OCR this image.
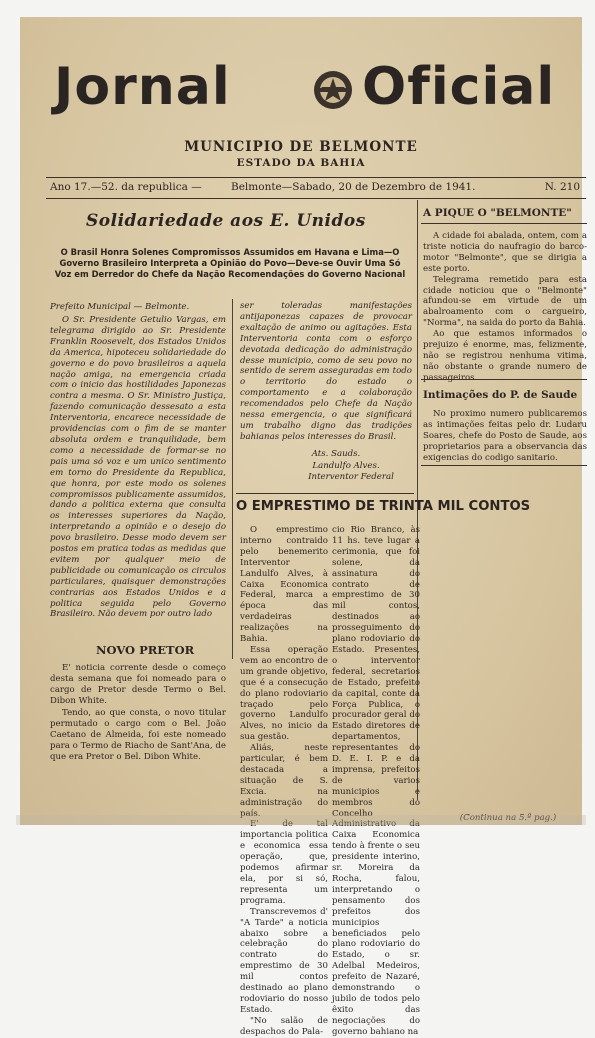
Jornal	Oficial
MUNICIPIO DE BELMONTE
ESTADO DA BAHIA
Ano 17.—52. da republica —	Belmonte—Sabado, 20 de Dezembro de 1941.	N. 210
Solidariedade aos E. Unidos
O Brasil Honra Solenes Compromissos Assumidos em Havana e Lima—O Governo Brasileiro Interpreta a Opinião do Povo—Deve-se Ouvir Uma Só Voz em Derredor do Chefe da Nação Recomendações do Governo Nacional
Prefeito Municipal — Belmonte.
O Sr. Presidente Getulio Vargas, em telegrama dirigido ao Sr. Presidente Franklin Roosevelt, dos Estados Unidos da America, hipoteceu solidariedade do governo e do povo brasileiros a aquela nação amiga, na emergencia criada com o inicio das hostilidades Japonezas contra a mesma. O Sr. Ministro Justiça, fazendo comunicação dessesato a esta Interventoria, encarece necessidade de providencias com o fim de se manter absoluta ordem e tranquilidade, bem como a necessidade de formar-se no pais uma só voz e um unico sentimento em torno do Presidente da Republica, que honra, por este modo os solenes compromissos publicamente assumidos, dando a politica externa que consulta os interesses superiores da Nação, interpretando a opinião e o desejo do povo brasileiro. Desse modo devem ser postos em pratica todas as medidas que evitem por qualquer meio de publicidade ou comunicação os circulos particulares, quaisquer demonstrações contrarias aos Estados Unidos e a politica seguida pelo Governo Brasileiro. Não devem por outro lado
ser toleradas manifestações antijaponezas capazes de provocar exaltação de animo ou agitações. Esta Interventoria conta com o esforço devotada dedicação do administração desse municipio, como de seu povo no sentido de serem asseguradas em todo o territorio do estado o comportamento e a colaboração recomendados pelo Chefe da Nação nessa emergencia, o que significará um trabalho digno das tradições bahianas pelos interesses do Brasil.
Ats. Sauds.
Landulfo Alves.
Interventor Federal
O EMPRESTIMO DE TRINTA MIL CONTOS
NOVO PRETOR
E' noticia corrente desde o começo desta semana que foi nomeado para o cargo de Pretor desde Termo o Bel. Dibon White.
Tendo, ao que consta, o novo titular permutado o cargo com o Bel. João Caetano de Almeida, foi este nomeado para o Termo de Riacho de Sant'Ana, de que era Pretor o Bel. Dibon White.

O emprestimo interno contraido pelo benemerito Interventor Landulfo Alves, à Caixa Economica Federal, marca a época das verdadeiras realizações na Bahia.

Essa operação vem ao encontro de um grande objetivo, que é a consecução do plano rodoviario traçado pelo governo Landulfo Alves, no inicio da sua gestão.

Aliás, neste particular, é bem destacada a situação de S. Excia. na administração do país.

E' de tal importancia politica e economica essa operação, que, podemos afirmar ela, por si só, representa um programa.

Transcrevemos d' "A Tarde" a noticia abaixo sobre a celebração do contrato do emprestimo de 30 mil contos destinado ao plano rodoviario do nosso Estado.

"No salão de despachos do Pala-

cio Rio Branco, às 11 hs. teve lugar a cerimonia, que foi solene, da assinatura do contrato de emprestimo de 30 mil contos, destinados ao prosseguimento do plano rodoviario do Estado. Presentes, o interventor federal, secretarios de Estado, prefeito da capital, conte da Força Publica, o procurador geral do Estado diretores de departamentos, representantes do D. E. I. P. e da imprensa, prefeitos de varios municipios e membros do Concelho Administrativo da Caixa Economica tendo à frente o seu presidente interino, sr. Moreira da Rocha, falou, interpretando o pensamento dos prefeitos dos municipios beneficiados pelo plano rodoviario do Estado, o sr. Adelbal Medeiros, prefeito de Nazaré, demonstrando o jubilo de todos pelo êxito das negociações do governo bahiano na

A PIQUE O "BELMONTE"

A cidade foi abalada, ontem, com a triste noticia do naufragio do barco-motor "Belmonte", que se dirigia a este porto.

Telegrama remetido para esta cidade noticiou que o "Belmonte" afundou-se em virtude de um abalroamento com o cargueiro, "Norma", na saida do porto da Bahia.

Ao que estamos informados o prejuizo é enorme, mas, felizmente, não se registrou nenhuma vitima, não obstante o grande numero de passageiros.

Intimações do P. de Saude
No proximo numero publicaremos as intimações feitas pelo dr. Ludaru Soares, chefe do Posto de Saude, aos proprietarios para a observancia das exigencias do codigo sanitario.
(Continua na 5.ª pag.)
